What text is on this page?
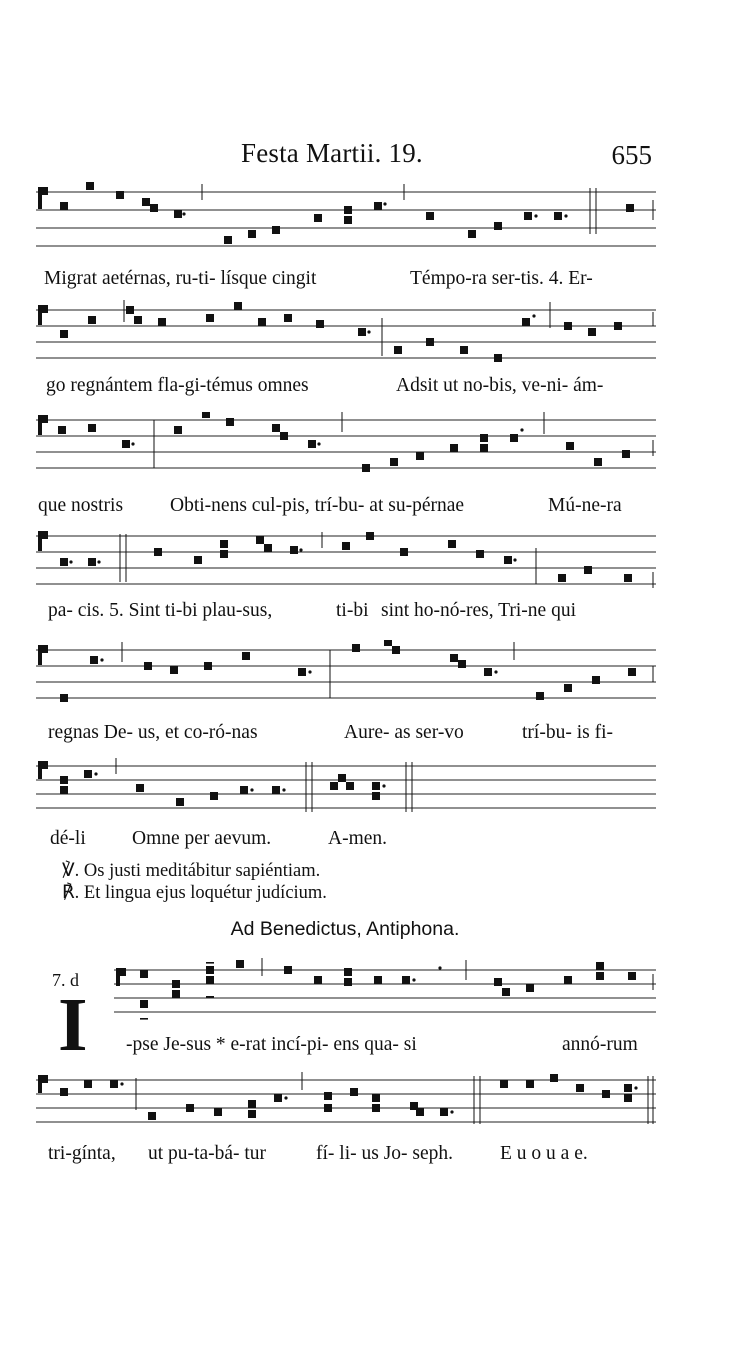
Festa Martii. 19.	655
Migrat aetérnas, ru-ti- lísque cingit	Témpo-ra ser-tis. 4. Er-
go regnántem fla-gi-témus omnes	Adsit ut no-bis, ve-ni- ám-
que nostris Obti-nens cul-pis, trí-bu- at su-pérnae	Mú-ne-ra
pa- cis. 5. Sint ti-bi plau-sus,	ti-bi sint ho-nó-res, Tri-ne qui
regnas De- us, et co-ró-nas	Aure- as ser-vo	trí-bu- is fi-
dé-li Omne per aevum.	A-men.
℣. Os justi meditábitur sapiéntiam.
℟. Et lingua ejus loquétur judícium.
Ad Benedictus, Antiphona.
7. d
I -pse Je-sus * e-rat incí-pi- ens qua- si	annó-rum
tri-gínta, ut pu-ta-bá- tur	fí- li- us Jo- seph. E u o u a e.
